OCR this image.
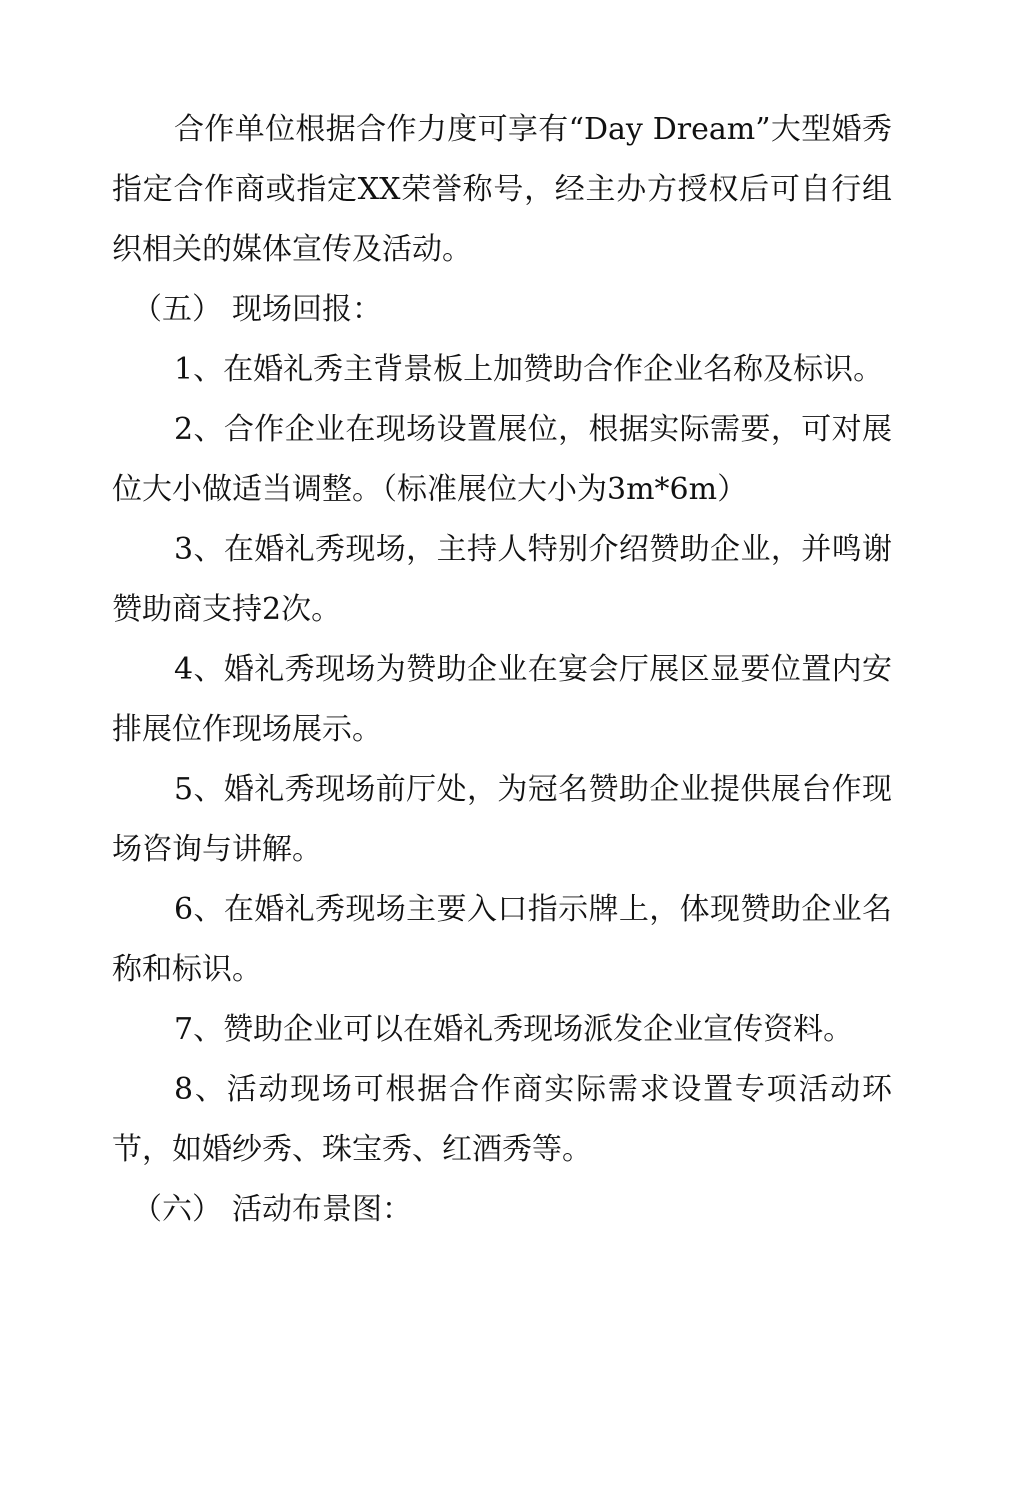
合作单位根据合作力度可享有“Day Dream”大型婚秀指定合作商或指定XX荣誉称号，经主办方授权后可自行组织相关的媒体宣传及活动。

（五） 现场回报：

1、在婚礼秀主背景板上加赞助合作企业名称及标识。

2、合作企业在现场设置展位，根据实际需要，可对展位大小做适当调整。（标准展位大小为3m*6m）

3、在婚礼秀现场，主持人特别介绍赞助企业，并鸣谢赞助商支持2次。

4、婚礼秀现场为赞助企业在宴会厅展区显要位置内安排展位作现场展示。

5、婚礼秀现场前厅处，为冠名赞助企业提供展台作现场咨询与讲解。

6、在婚礼秀现场主要入口指示牌上，体现赞助企业名称和标识。

7、赞助企业可以在婚礼秀现场派发企业宣传资料。

8、活动现场可根据合作商实际需求设置专项活动环节，如婚纱秀、珠宝秀、红酒秀等。

（六） 活动布景图：
